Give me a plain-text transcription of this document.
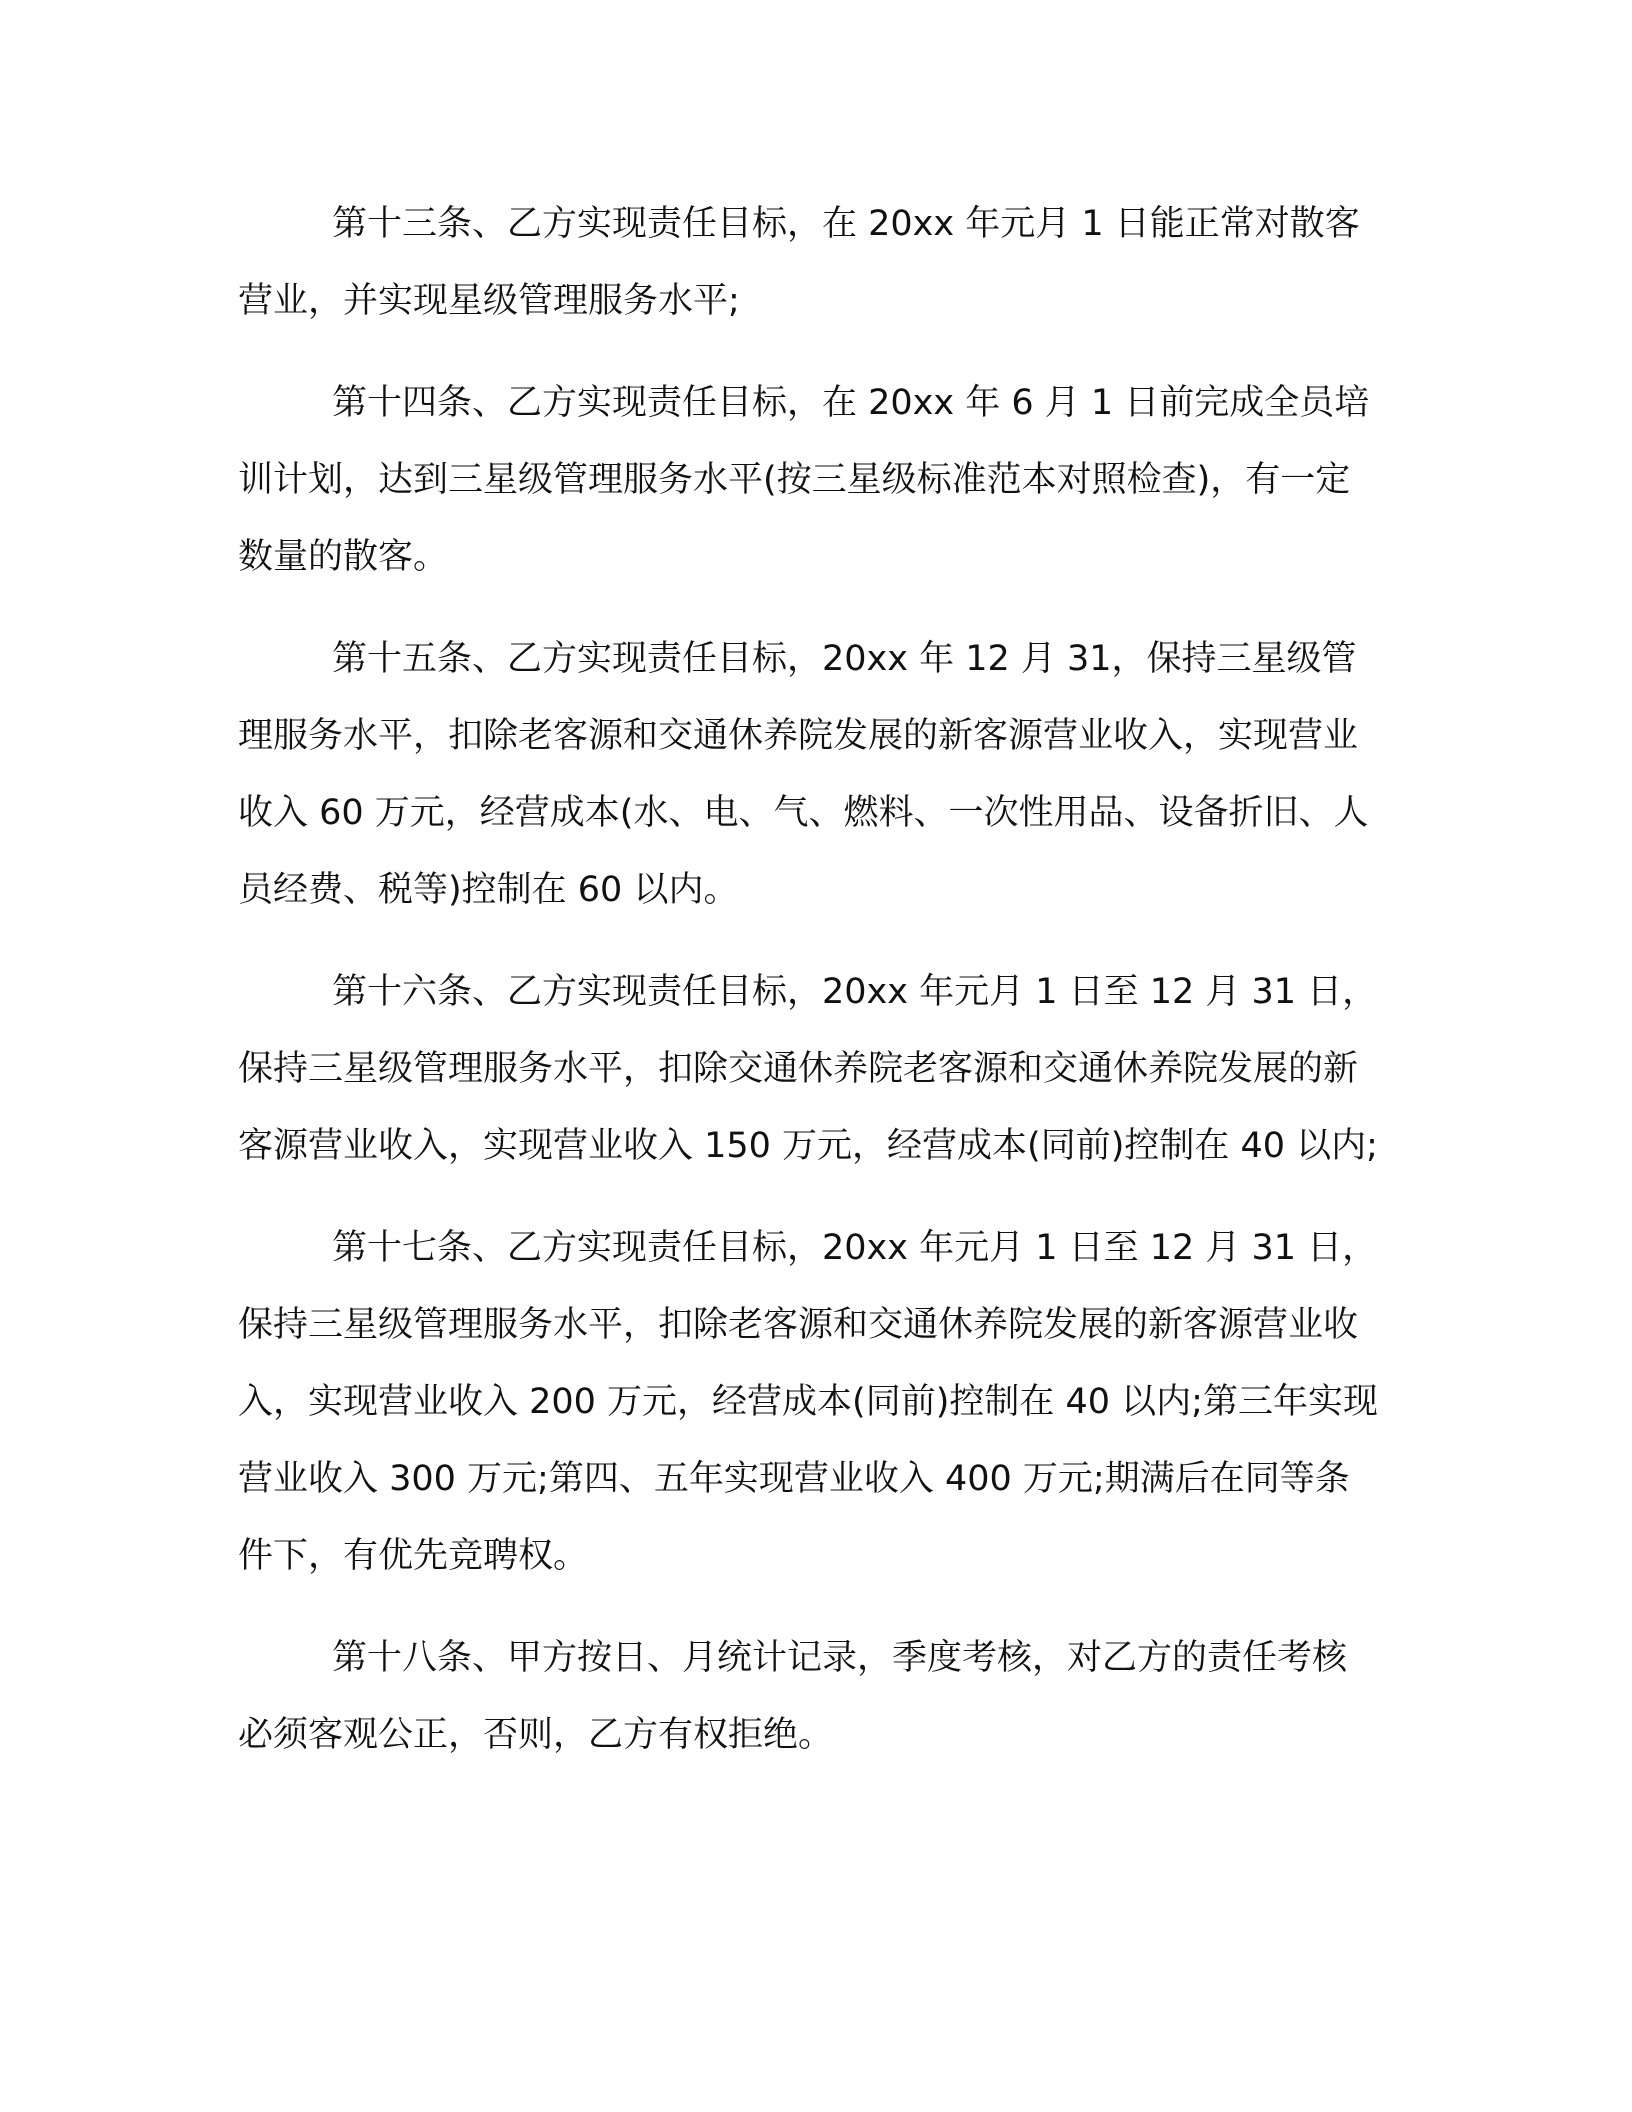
第十三条、乙方实现责任目标，在 20xx 年元月 1 日能正常对散客营业，并实现星级管理服务水平;

第十四条、乙方实现责任目标，在 20xx 年 6 月 1 日前完成全员培训计划，达到三星级管理服务水平(按三星级标准范本对照检查)，有一定数量的散客。

第十五条、乙方实现责任目标，20xx 年 12 月 31，保持三星级管理服务水平，扣除老客源和交通休养院发展的新客源营业收入，实现营业收入 60 万元，经营成本(水、电、气、燃料、一次性用品、设备折旧、人员经费、税等)控制在 60 以内。

第十六条、乙方实现责任目标，20xx 年元月 1 日至 12 月 31 日，保持三星级管理服务水平，扣除交通休养院老客源和交通休养院发展的新客源营业收入，实现营业收入 150 万元，经营成本(同前)控制在 40 以内;

第十七条、乙方实现责任目标，20xx 年元月 1 日至 12 月 31 日，保持三星级管理服务水平，扣除老客源和交通休养院发展的新客源营业收入，实现营业收入 200 万元，经营成本(同前)控制在 40 以内;第三年实现营业收入 300 万元;第四、五年实现营业收入 400 万元;期满后在同等条件下，有优先竞聘权。

第十八条、甲方按日、月统计记录，季度考核，对乙方的责任考核必须客观公正，否则，乙方有权拒绝。
